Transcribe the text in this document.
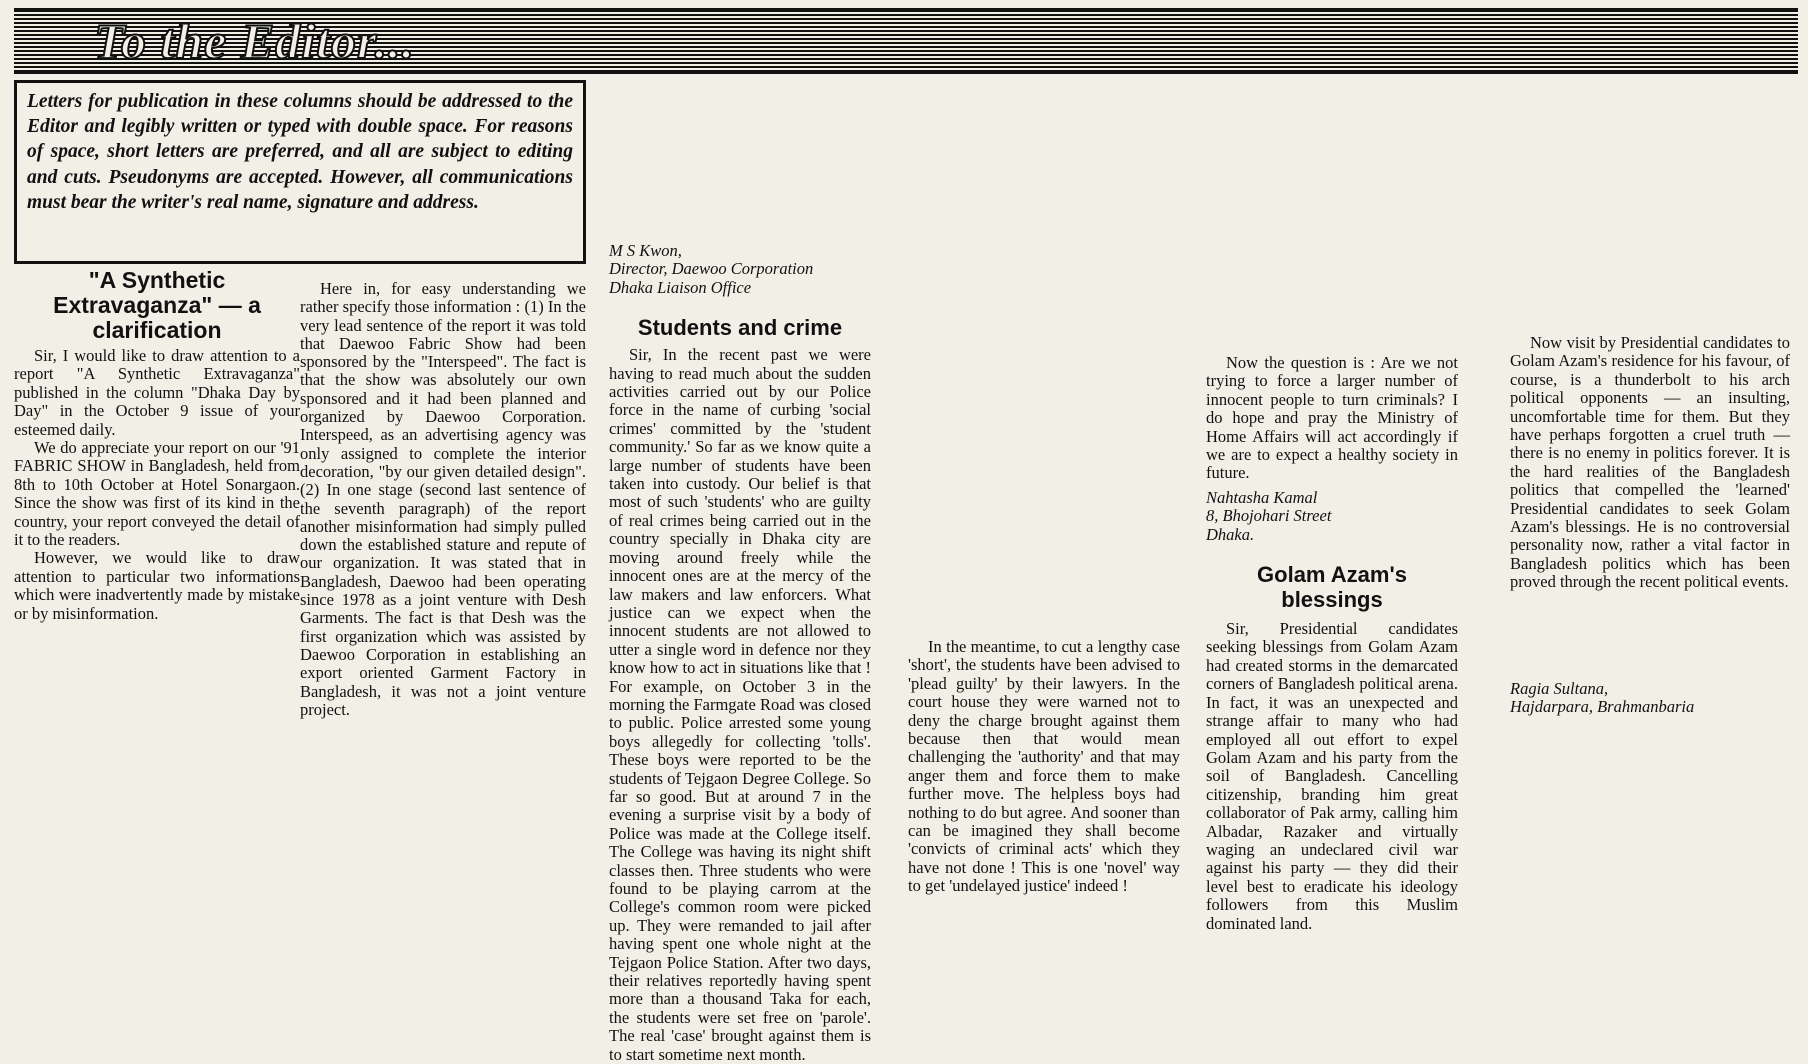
To the Editor...
Letters for publication in these columns should be addressed to the Editor and legibly written or typed with double space. For reasons of space, short letters are preferred, and all are subject to editing and cuts. Pseudonyms are accepted. However, all communications must bear the writer's real name, signature and address.
"A Synthetic Extravaganza" — a clarification

Sir, I would like to draw attention to a report "A Synthetic Extravaganza" published in the column "Dhaka Day by Day" in the October 9 issue of your esteemed daily.

We do appreciate your report on our '91 FABRIC SHOW in Bangladesh, held from 8th to 10th October at Hotel Sonargaon. Since the show was first of its kind in the country, your report conveyed the detail of it to the readers.

However, we would like to draw attention to particular two informations which were inadvertently made by mistake or by misinformation.

Here in, for easy understanding we rather specify those information : (1) In the very lead sentence of the report it was told that Daewoo Fabric Show had been sponsored by the "Interspeed". The fact is that the show was absolutely our own sponsored and it had been planned and organized by Daewoo Corporation. Interspeed, as an advertising agency was only assigned to complete the interior decoration, "by our given detailed design". (2) In one stage (second last sentence of the seventh paragraph) of the report another misinformation had simply pulled down the established stature and repute of our organization. It was stated that in Bangladesh, Daewoo had been operating since 1978 as a joint venture with Desh Garments. The fact is that Desh was the first organization which was assisted by Daewoo Corporation in establishing an export oriented Garment Factory in Bangladesh, it was not a joint venture project.

M S Kwon,

Director, Daewoo Corporation

Dhaka Liaison Office

Students and crime

Sir, In the recent past we were having to read much about the sudden activities carried out by our Police force in the name of curbing 'social crimes' committed by the 'student community.' So far as we know quite a large number of students have been taken into custody. Our belief is that most of such 'students' who are guilty of real crimes being carried out in the country specially in Dhaka city are moving around freely while the innocent ones are at the mercy of the law makers and law enforcers. What justice can we expect when the innocent students are not allowed to utter a single word in defence nor they know how to act in situations like that ! For example, on October 3 in the morning the Farmgate Road was closed to public. Police arrested some young boys allegedly for collecting 'tolls'. These boys were reported to be the students of Tejgaon Degree College. So far so good. But at around 7 in the evening a surprise visit by a body of Police was made at the College itself. The College was having its night shift classes then. Three students who were found to be playing carrom at the College's common room were picked up. They were remanded to jail after having spent one whole night at the Tejgaon Police Station. After two days, their relatives reportedly having spent more than a thousand Taka for each, the students were set free on 'parole'. The real 'case' brought against them is to start sometime next month.

In the meantime, to cut a lengthy case 'short', the students have been advised to 'plead guilty' by their lawyers. In the court house they were warned not to deny the charge brought against them because then that would mean challenging the 'authority' and that may anger them and force them to make further move. The helpless boys had nothing to do but agree. And sooner than can be imagined they shall become 'convicts of criminal acts' which they have not done ! This is one 'novel' way to get 'undelayed justice' indeed !

Now the question is : Are we not trying to force a larger number of innocent people to turn criminals? I do hope and pray the Ministry of Home Affairs will act accordingly if we are to expect a healthy society in future.

Nahtasha Kamal

8, Bhojohari Street

Dhaka.

Golam Azam's blessings

Sir, Presidential candidates seeking blessings from Golam Azam had created storms in the demarcated corners of Bangladesh political arena. In fact, it was an unexpected and strange affair to many who had employed all out effort to expel Golam Azam and his party from the soil of Bangladesh. Cancelling citizenship, branding him great collaborator of Pak army, calling him Albadar, Razaker and virtually waging an undeclared civil war against his party — they did their level best to eradicate his ideology followers from this Muslim dominated land.

Now visit by Presidential candidates to Golam Azam's residence for his favour, of course, is a thunderbolt to his arch political opponents — an insulting, uncomfortable time for them. But they have perhaps forgotten a cruel truth — there is no enemy in politics forever. It is the hard realities of the Bangladesh politics that compelled the 'learned' Presidential candidates to seek Golam Azam's blessings. He is no controversial personality now, rather a vital factor in Bangladesh politics which has been proved through the recent political events.

Ragia Sultana,

Hajdarpara, Brahmanbaria
